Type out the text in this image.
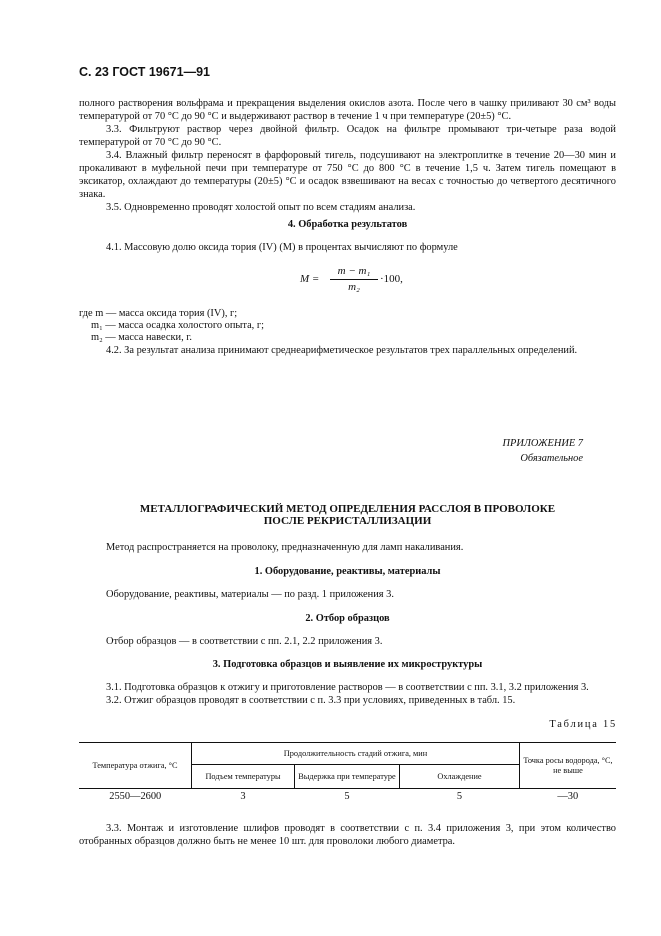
С. 23 ГОСТ 19671—91

полного растворения вольфрама и прекращения выделения окислов азота. После чего в чашку приливают 30 см³ воды температурой от 70 °С до 90 °С и выдерживают раствор в течение 1 ч при температуре (20±5) °С.

3.3. Фильтруют раствор через двойной фильтр. Осадок на фильтре промывают три-четыре раза водой температурой от 70 °С до 90 °С.

3.4. Влажный фильтр переносят в фарфоровый тигель, подсушивают на электроплитке в течение 20—30 мин и прокаливают в муфельной печи при температуре от 750 °С до 800 °С в течение 1,5 ч. Затем тигель помещают в эксикатор, охлаждают до температуры (20±5) °С и осадок взвешивают на весах с точностью до четвертого десятичного знака.

3.5. Одновременно проводят холостой опыт по всем стадиям анализа.

4. Обработка результатов

4.1. Массовую долю оксида тория (IV) (M) в процентах вычисляют по формуле

$M = \frac{\text{m − m₁}}{\text{m₂}} \cdot 100$,
где m — масса оксида тория (IV), г;
m₁ — масса осадка холостого опыта, г;
m₂ — масса навески, г.

4.2. За результат анализа принимают среднеарифметическое результатов трех параллельных определений.

ПРИЛОЖЕНИЕ 7
Обязательное
МЕТАЛЛОГРАФИЧЕСКИЙ МЕТОД ОПРЕДЕЛЕНИЯ РАССЛОЯ В ПРОВОЛОКЕ
ПОСЛЕ РЕКРИСТАЛЛИЗАЦИИ

Метод распространяется на проволоку, предназначенную для ламп накаливания.

1. Оборудование, реактивы, материалы

Оборудование, реактивы, материалы — по разд. 1 приложения 3.

2. Отбор образцов

Отбор образцов — в соответствии с пп. 2.1, 2.2 приложения 3.

3. Подготовка образцов и выявление их микроструктуры

3.1. Подготовка образцов к отжигу и приготовление растворов — в соответствии с пп. 3.1, 3.2 приложения 3.

3.2. Отжиг образцов проводят в соответствии с п. 3.3 при условиях, приведенных в табл. 15.

Таблица 15
Температура отжига, °С	Продолжительность стадий отжига, мин			Точка росы водорода, °С, не выше
	Подъем температуры	Выдержка при температуре	Охлаждение	
2550—2600	3	5	5	—30

3.3. Монтаж и изготовление шлифов проводят в соответствии с п. 3.4 приложения 3, при этом количество отобранных образцов должно быть не менее 10 шт. для проволоки любого диаметра.
